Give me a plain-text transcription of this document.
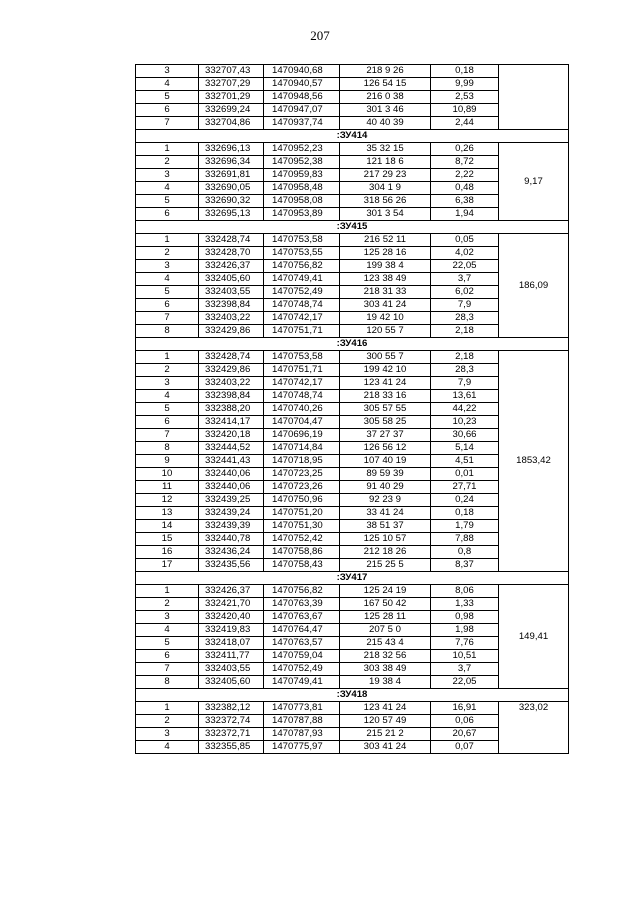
207
3	332707,43	1470940,68	218 9 26	0,18	
4	332707,29	1470940,57	126 54 15	9,99	
5	332701,29	1470948,56	216 0 38	2,53	
6	332699,24	1470947,07	301 3 46	10,89	
7	332704,86	1470937,74	40 40 39	2,44	
:ЗУ414					
1	332696,13	1470952,23	35 32 15	0,26	9,17
2	332696,34	1470952,38	121 18 6	8,72	
3	332691,81	1470959,83	217 29 23	2,22	
4	332690,05	1470958,48	304 1 9	0,48	
5	332690,32	1470958,08	318 56 26	6,38	
6	332695,13	1470953,89	301 3 54	1,94	
:ЗУ415					
1	332428,74	1470753,58	216 52 11	0,05	186,09
2	332428,70	1470753,55	125 28 16	4,02	
3	332426,37	1470756,82	199 38 4	22,05	
4	332405,60	1470749,41	123 38 49	3,7	
5	332403,55	1470752,49	218 31 33	6,02	
6	332398,84	1470748,74	303 41 24	7,9	
7	332403,22	1470742,17	19 42 10	28,3	
8	332429,86	1470751,71	120 55 7	2,18	
:ЗУ416					
1	332428,74	1470753,58	300 55 7	2,18	1853,42
2	332429,86	1470751,71	199 42 10	28,3	
3	332403,22	1470742,17	123 41 24	7,9	
4	332398,84	1470748,74	218 33 16	13,61	
5	332388,20	1470740,26	305 57 55	44,22	
6	332414,17	1470704,47	305 58 25	10,23	
7	332420,18	1470696,19	37 27 37	30,66	
8	332444,52	1470714,84	126 56 12	5,14	
9	332441,43	1470718,95	107 40 19	4,51	
10	332440,06	1470723,25	89 59 39	0,01	
11	332440,06	1470723,26	91 40 29	27,71	
12	332439,25	1470750,96	92 23 9	0,24	
13	332439,24	1470751,20	33 41 24	0,18	
14	332439,39	1470751,30	38 51 37	1,79	
15	332440,78	1470752,42	125 10 57	7,88	
16	332436,24	1470758,86	212 18 26	0,8	
17	332435,56	1470758,43	215 25 5	8,37	
:ЗУ417					
1	332426,37	1470756,82	125 24 19	8,06	149,41
2	332421,70	1470763,39	167 50 42	1,33	
3	332420,40	1470763,67	125 28 11	0,98	
4	332419,83	1470764,47	207 5 0	1,98	
5	332418,07	1470763,57	215 43 4	7,76	
6	332411,77	1470759,04	218 32 56	10,51	
7	332403,55	1470752,49	303 38 49	3,7	
8	332405,60	1470749,41	19 38 4	22,05	
:ЗУ418					
1	332382,12	1470773,81	123 41 24	16,91	323,02
2	332372,74	1470787,88	120 57 49	0,06	
3	332372,71	1470787,93	215 21 2	20,67	
4	332355,85	1470775,97	303 41 24	0,07	
